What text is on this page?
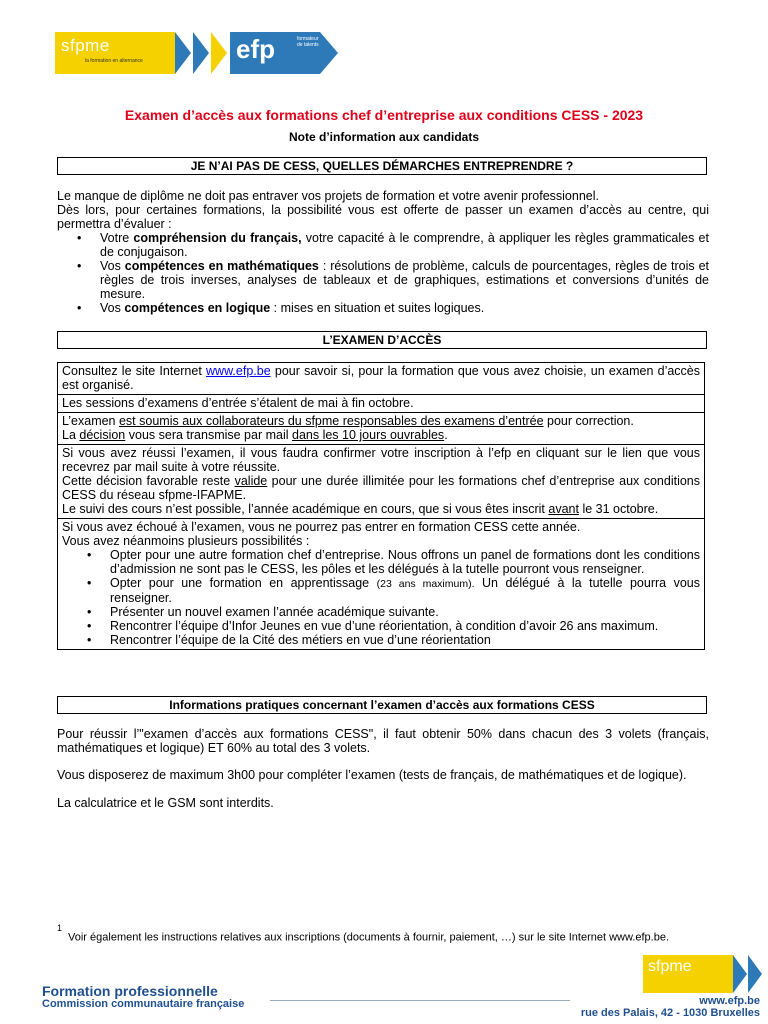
sfpme
la formation en alternance	efp	formateur de talents
Examen d’accès aux formations chef d’entreprise aux conditions CESS - 2023
Note d’information aux candidats
JE N’AI PAS DE CESS, QUELLES DÉMARCHES ENTREPRENDRE ?
Le manque de diplôme ne doit pas entraver vos projets de formation et votre avenir professionnel.
Dès lors, pour certaines formations, la possibilité vous est offerte de passer un examen d’accès au centre, qui permettra d’évaluer :
• Votre compréhension du français, votre capacité à le comprendre, à appliquer les règles grammaticales et de conjugaison.
• Vos compétences en mathématiques : résolutions de problème, calculs de pourcentages, règles de trois et règles de trois inverses, analyses de tableaux et de graphiques, estimations et conversions d’unités de mesure.
• Vos compétences en logique : mises en situation et suites logiques.
L’EXAMEN D’ACCÈS
Consultez le site Internet www.efp.be pour savoir si, pour la formation que vous avez choisie, un examen d’accès est organisé.
Les sessions d’examens d’entrée s’étalent de mai à fin octobre.

L’examen est soumis aux collaborateurs du sfpme responsables des examens d’entrée pour correction.
La décision vous sera transmise par mail dans les 10 jours ouvrables.

Si vous avez réussi l’examen, il vous faudra confirmer votre inscription à l’efp en cliquant sur le lien que vous recevrez par mail suite à votre réussite.
Cette décision favorable reste valide pour une durée illimitée pour les formations chef d’entreprise aux conditions CESS du réseau sfpme-IFAPME.
Le suivi des cours n’est possible, l’année académique en cours, que si vous êtes inscrit avant le 31 octobre.

Si vous avez échoué à l’examen, vous ne pourrez pas entrer en formation CESS cette année.
Vous avez néanmoins plusieurs possibilités :
• Opter pour une autre formation chef d’entreprise. Nous offrons un panel de formations dont les conditions d’admission ne sont pas le CESS, les pôles et les délégués à la tutelle pourront vous renseigner.
• Opter pour une formation en apprentissage (23 ans maximum). Un délégué à la tutelle pourra vous renseigner.
• Présenter un nouvel examen l’année académique suivante.
• Rencontrer l’équipe d’Infor Jeunes en vue d’une réorientation, à condition d’avoir 26 ans maximum.
• Rencontrer l’équipe de la Cité des métiers en vue d’une réorientation
Informations pratiques concernant l’examen d’accès aux formations CESS
Pour réussir l’"examen d’accès aux formations CESS", il faut obtenir 50% dans chacun des 3 volets (français, mathématiques et logique) ET 60% au total des 3 volets.
Vous disposerez de maximum 3h00 pour compléter l’examen (tests de français, de mathématiques et de logique).
La calculatrice et le GSM sont interdits.
$^1$Voir également les instructions relatives aux inscriptions (documents à fournir, paiement, …) sur le site Internet www.efp.be.
Formation professionnelle
Commission communautaire française
sfpme
www.efp.be
rue des Palais, 42 - 1030 Bruxelles
